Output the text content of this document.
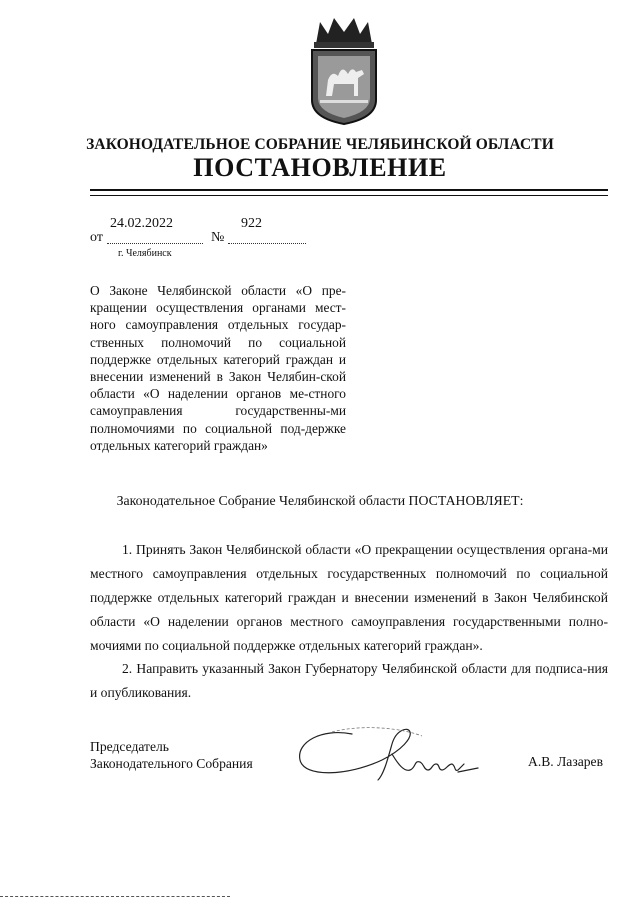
ЗАКОНОДАТЕЛЬНОЕ СОБРАНИЕ ЧЕЛЯБИНСКОЙ ОБЛАСТИ
ПОСТАНОВЛЕНИЕ
от
24.02.2022
№
922
г. Челябинск
О Законе Челябинской области «О пре-кращении осуществления органами мест-ного самоуправления отдельных государ-ственных полномочий по социальной поддержке отдельных категорий граждан и внесении изменений в Закон Челябин-ской области «О наделении органов ме-стного самоуправления государственны-ми полномочиями по социальной под-держке отдельных категорий граждан»
Законодательное Собрание Челябинской области ПОСТАНОВЛЯЕТ:
1. Принять Закон Челябинской области «О прекращении осуществления органа-ми местного самоуправления отдельных государственных полномочий по социальной поддержке отдельных категорий граждан и внесении изменений в Закон Челябинской области «О наделении органов местного самоуправления государственными полно-мочиями по социальной поддержке отдельных категорий граждан».
2. Направить указанный Закон Губернатору Челябинской области для подписа-ния и опубликования.
Председатель
Законодательного Собрания	А.В. Лазарев
